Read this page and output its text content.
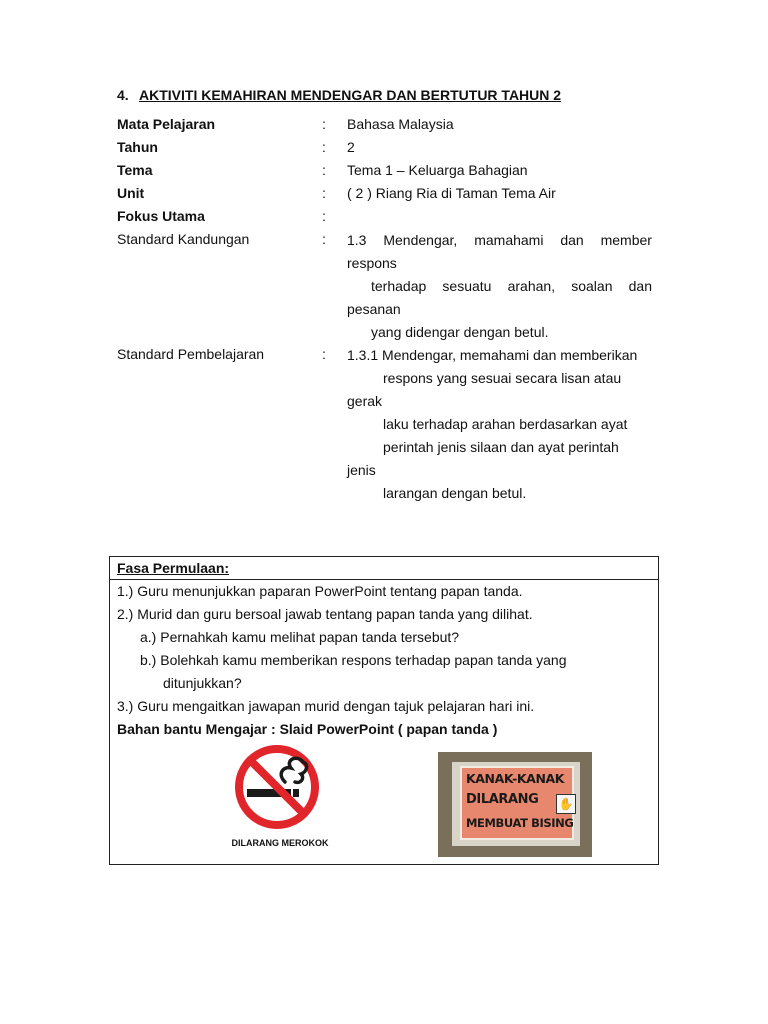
4. AKTIVITI KEMAHIRAN MENDENGAR DAN BERTUTUR TAHUN 2
Mata Pelajaran	: Bahasa Malaysia
Tahun	: 2
Tema	: Tema 1 – Keluarga Bahagian
Unit	: ( 2 ) Riang Ria di Taman Tema Air
Fokus Utama	:
Standard Kandungan	: 1.3 Mendengar, mamahami dan member
respons
terhadap sesuatu arahan, soalan dan
pesanan
yang didengar dengan betul.
Standard Pembelajaran	: 1.3.1 Mendengar, memahami dan memberikan
respons yang sesuai secara lisan atau
gerak
laku terhadap arahan berdasarkan ayat
perintah jenis silaan dan ayat perintah
jenis
larangan dengan betul.
Fasa Permulaan:
1.) Guru menunjukkan paparan PowerPoint tentang papan tanda.
2.) Murid dan guru bersoal jawab tentang papan tanda yang dilihat.
a.) Pernahkah kamu melihat papan tanda tersebut?
b.) Bolehkah kamu memberikan respons terhadap papan tanda yang
ditunjukkan?
3.) Guru mengaitkan jawapan murid dengan tajuk pelajaran hari ini.
Bahan bantu Mengajar : Slaid PowerPoint ( papan tanda )
DILARANG MEROKOK
KANAK-KANAK
DILARANG
MEMBUAT BISING
✋
